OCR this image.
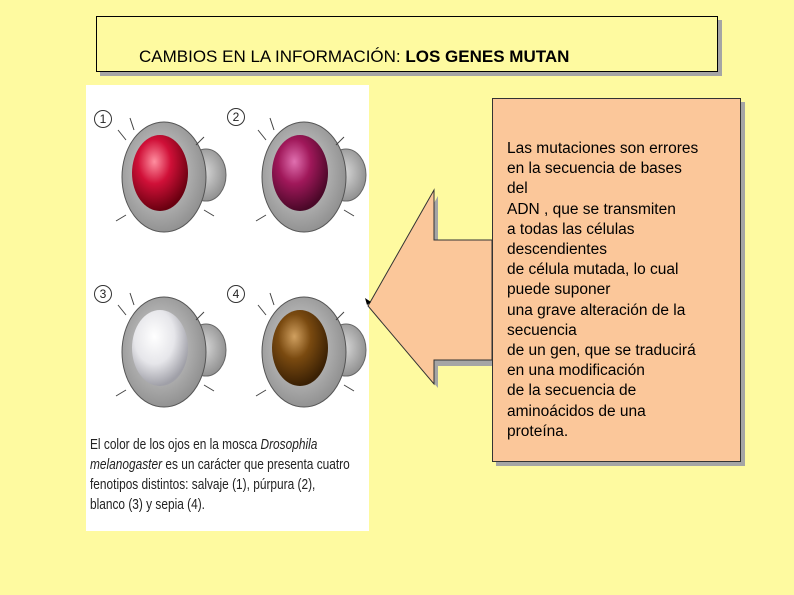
CAMBIOS EN LA INFORMACIÓN: LOS GENES MUTAN
1	2
3	4
El color de los ojos en la mosca Drosophila melanogaster es un carácter que presenta cuatro fenotipos distintos: salvaje (1), púrpura (2), blanco (3) y sepia (4).
Las mutaciones son errores
en la secuencia de bases
del
ADN , que se transmiten
a todas las células
descendientes
de célula mutada, lo cual
puede suponer
una grave alteración de la
secuencia
de un gen, que se traducirá
en una modificación
de la secuencia de
aminoácidos de una
proteína.
